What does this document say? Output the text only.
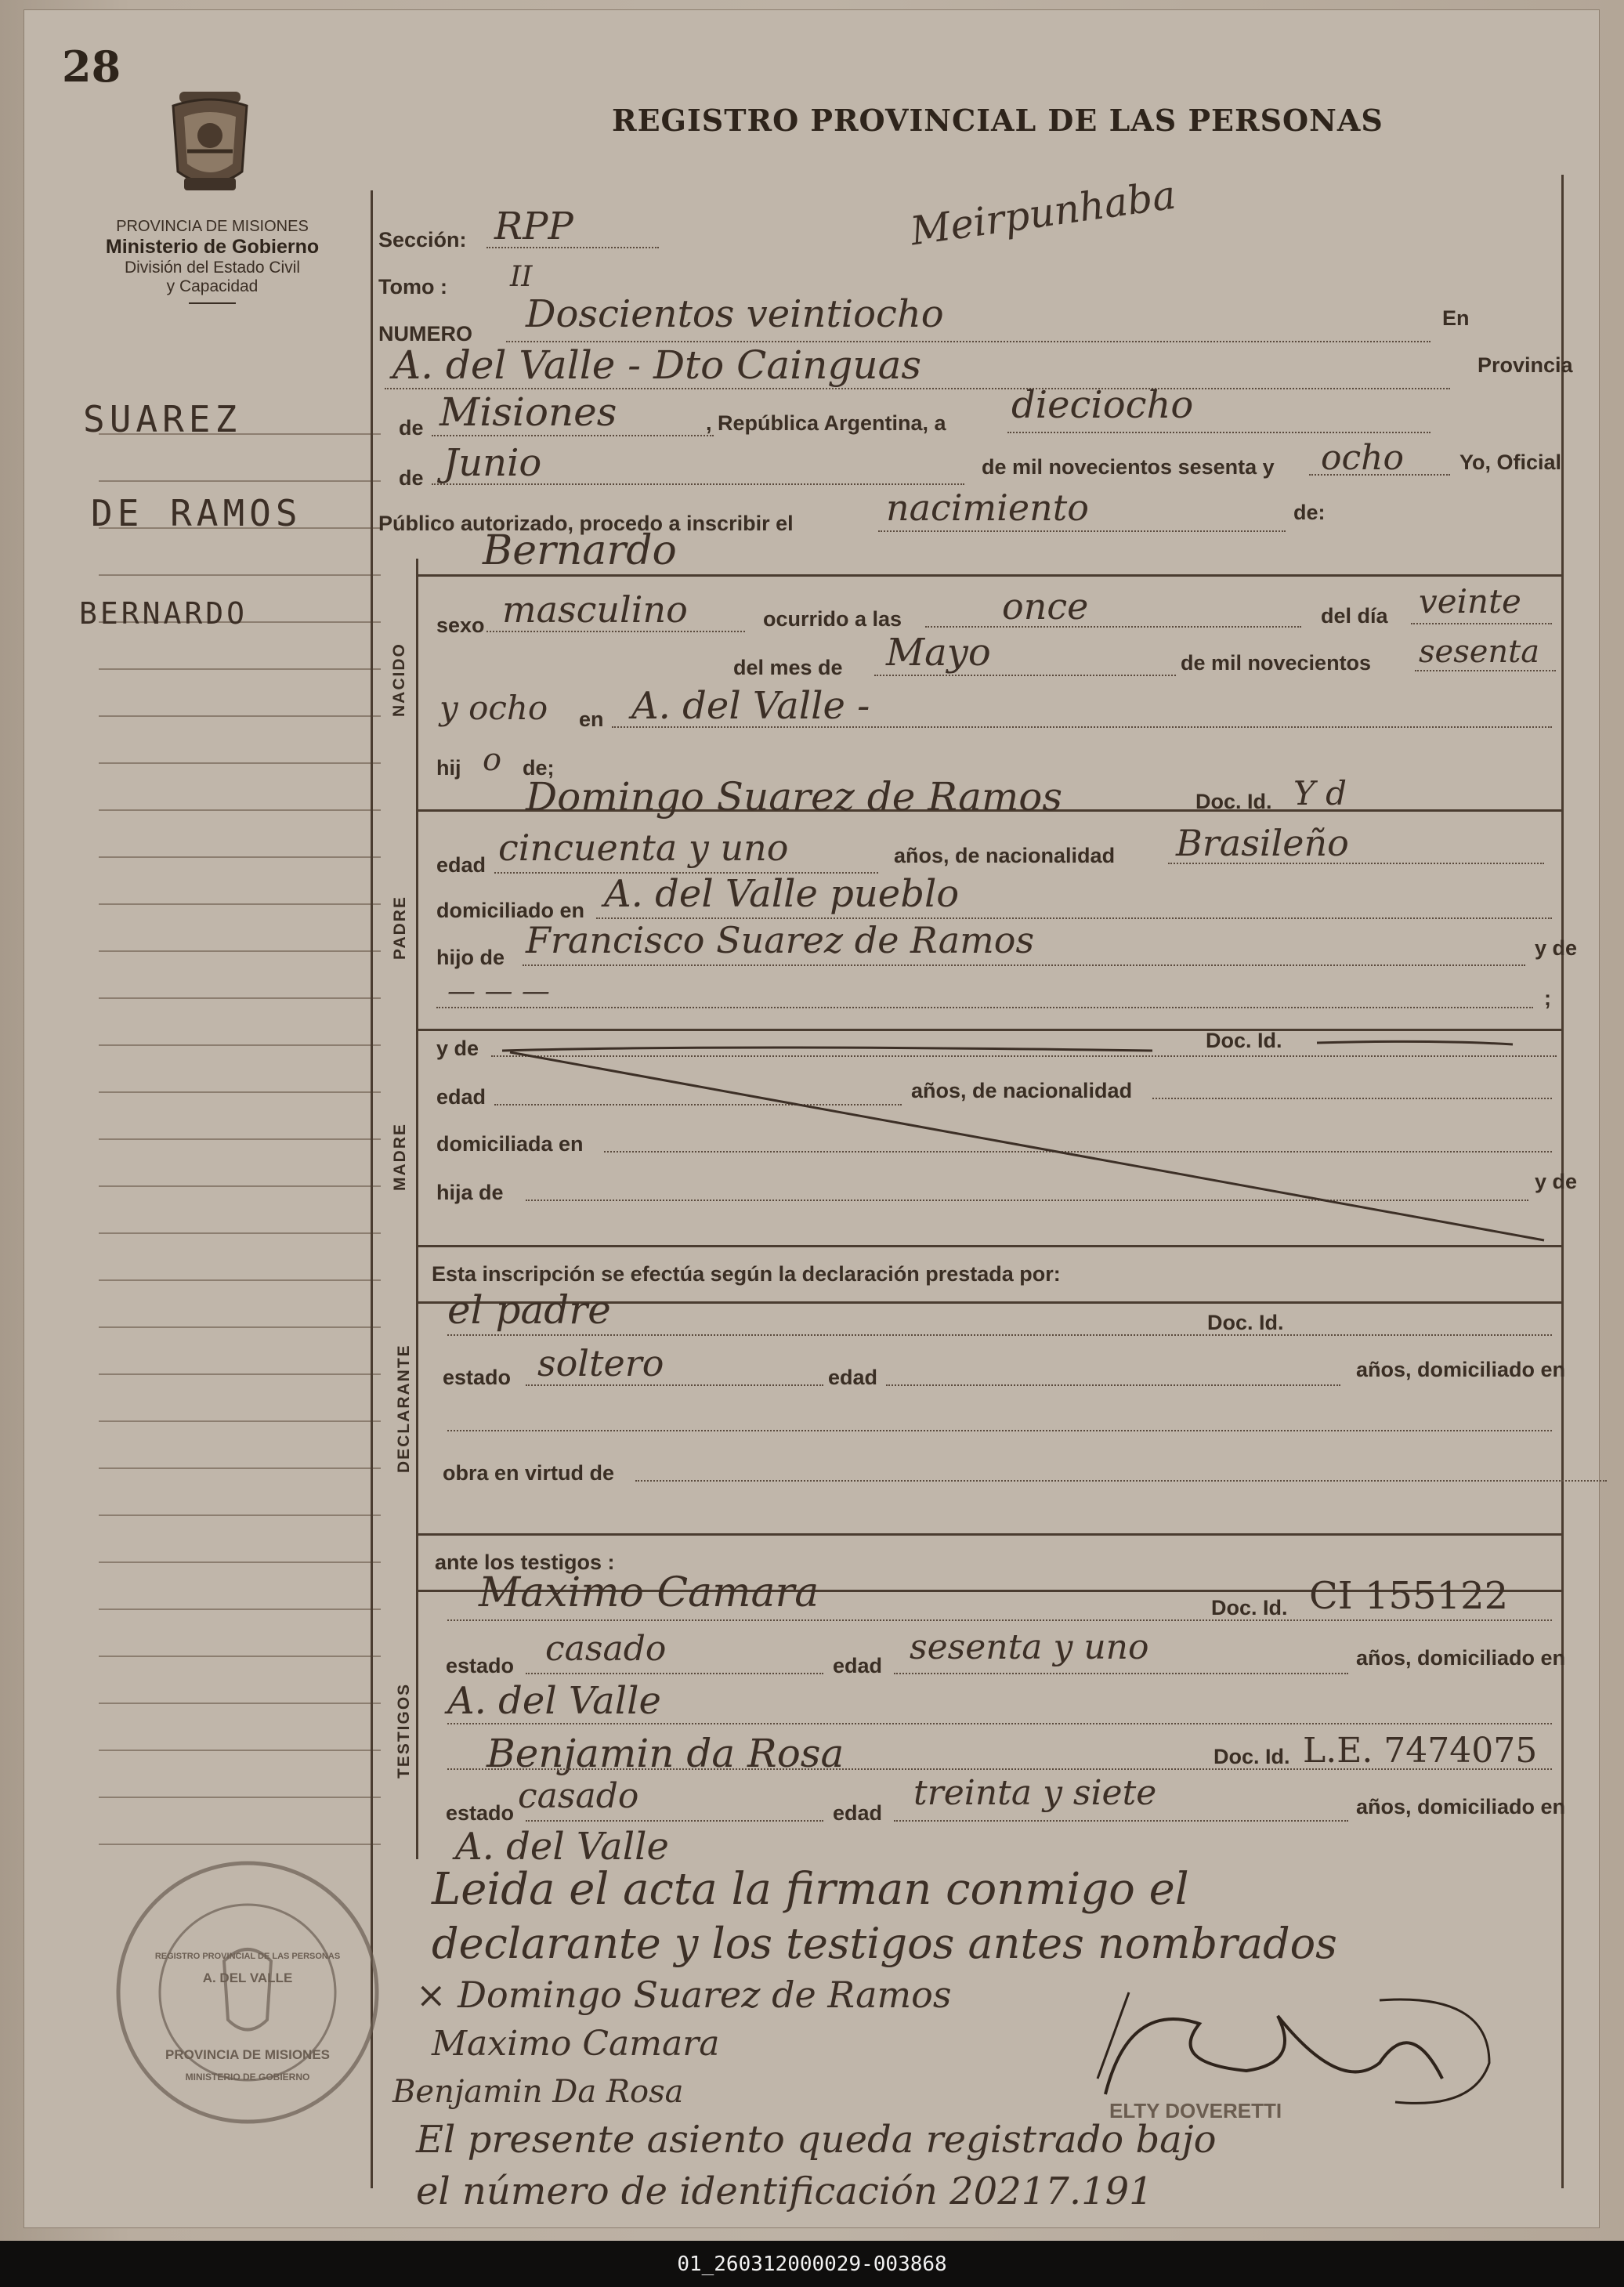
28
PROVINCIA DE MISIONES
Ministerio de Gobierno
División del Estado Civil
y Capacidad
REGISTRO PROVINCIAL DE LAS PERSONAS
SUAREZ
DE RAMOS
BERNARDO
Meirpunhaba
Sección: RPP
Tomo : II
NUMERO Doscientos veintiocho	En
A. del Valle - Dto Cainguas	Provincia
de Misiones	, República Argentina, a dieciocho
de Junio	de mil novecientos sesenta y ocho	Yo, Oficial
Público autorizado, procedo a inscribir el	nacimiento	de:
NACIDO
Bernardo
sexo masculino	ocurrido a las	once	del día veinte
del mes de Mayo	de mil novecientos sesenta
y ocho en A. del Valle -
hij o de;
PADRE
Domingo Suarez de Ramos	Doc. Id. Y d
edad cincuenta y uno	años, de nacionalidad Brasileño
domiciliado en A. del Valle pueblo
hijo de Francisco Suarez de Ramos	y de
— — —	;
MADRE
y de	Doc. Id.
edad	años, de nacionalidad
domiciliada en
hija de	y de
Esta inscripción se efectúa según la declaración prestada por:
DECLARANTE
el padre	Doc. Id.
estado soltero	edad	años, domiciliado en
obra en virtud de
ante los testigos :
TESTIGOS
Maximo Camara	Doc. Id. CI 155122
estado casado	edad sesenta y uno	años, domiciliado en
A. del Valle
Benjamin da Rosa	Doc. Id. L.E. 7474075
estado casado	edad treinta y siete	años, domiciliado en
A. del Valle
Leida el acta la firman conmigo el
declarante y los testigos antes nombrados
× Domingo Suarez de Ramos
Maximo Camara
Benjamin Da Rosa
ELTY DOVERETTI
El presente asiento queda registrado bajo
el número de identificación 20217.191
REGISTRO PROVINCIAL DE LAS PERSONAS
A. DEL VALLE
PROVINCIA DE MISIONES
MINISTERIO DE GOBIERNO
01_260312000029-003868
